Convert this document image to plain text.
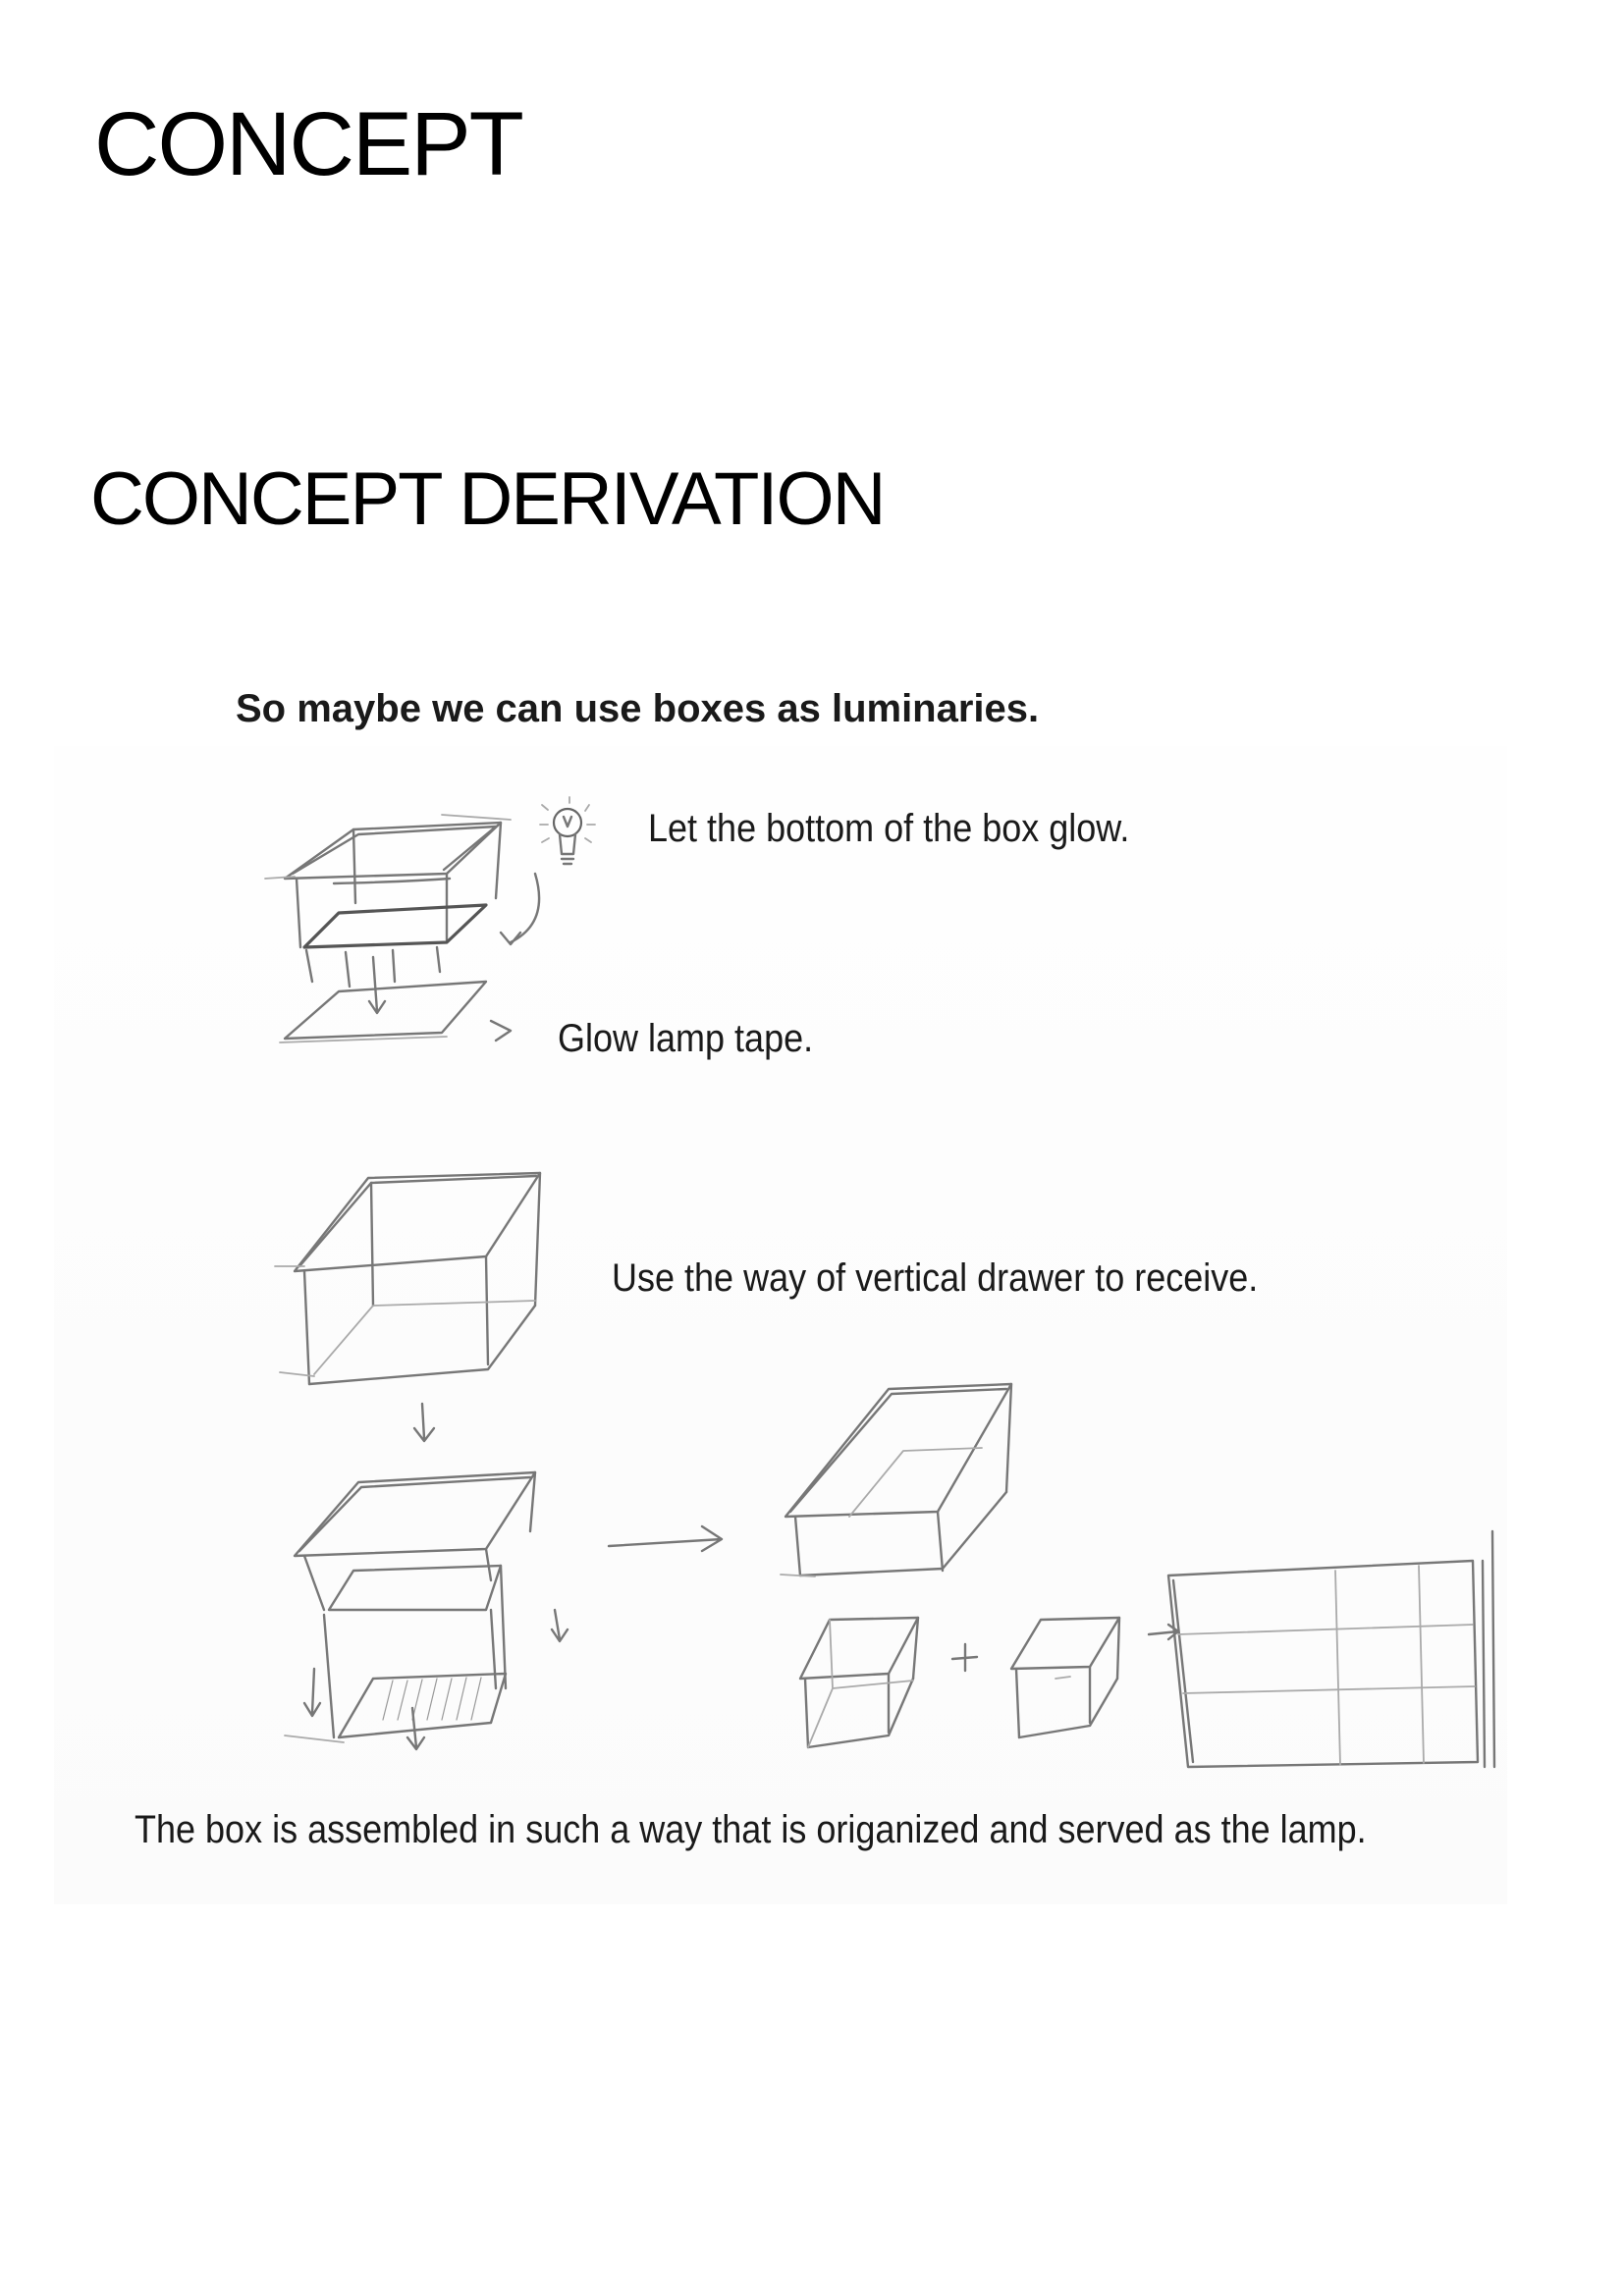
CONCEPT
CONCEPT DERIVATION

So maybe we can use boxes as luminaries.

Let the bottom of the box glow.

Glow lamp tape.

Use the way of vertical drawer to receive.

The box is assembled in such a way that is origanized and served as the lamp.
